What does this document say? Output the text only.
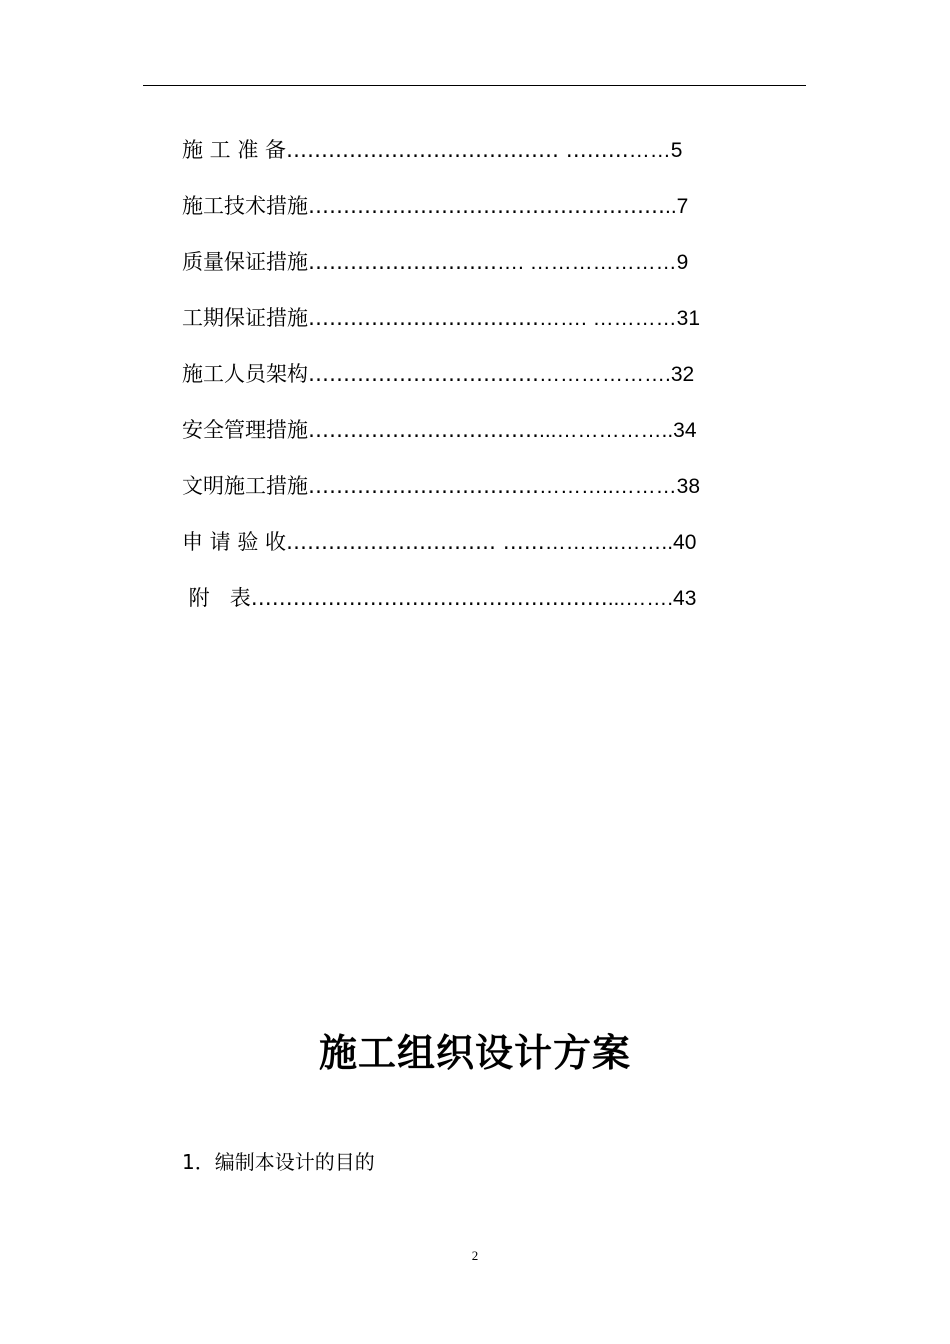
施 工 准 备………………………………… ……………5
施工技术措施……………………………………………..7
质量保证措施…………………………. …………………9
工期保证措施…………………………………. …………31
施工人员架构…………………………………………….32
安全管理措施……………………………...……………..34
文明施工措施……………………………………..………38
申 请 验 收………………………… ……………..……..40
附   表……………………………………………...…….43
施工组织设计方案
1．编制本设计的目的
2
